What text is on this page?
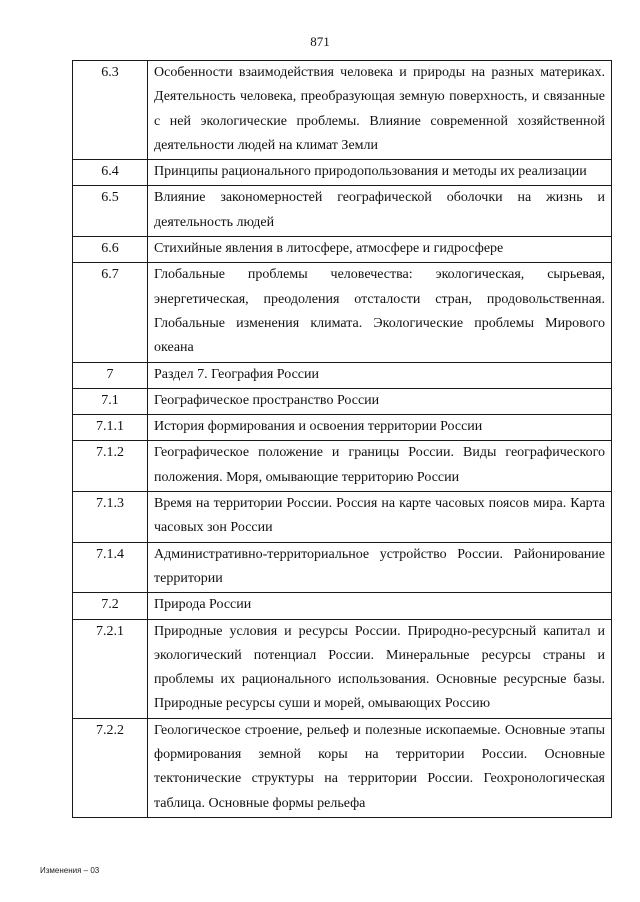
871
6.3	Особенности взаимодействия человека и природы на разных материках. Деятельность человека, преобразующая земную поверхность, и связанные с ней экологические проблемы. Влияние современной хозяйственной деятельности людей на климат Земли
6.4	Принципы рационального природопользования и методы их реализации
6.5	Влияние закономерностей географической оболочки на жизнь и деятельность людей
6.6	Стихийные явления в литосфере, атмосфере и гидросфере
6.7	Глобальные проблемы человечества: экологическая, сырьевая, энергетическая, преодоления отсталости стран, продовольственная. Глобальные изменения климата. Экологические проблемы Мирового океана
7	Раздел 7. География России
7.1	Географическое пространство России
7.1.1	История формирования и освоения территории России
7.1.2	Географическое положение и границы России. Виды географического положения. Моря, омывающие территорию России
7.1.3	Время на территории России. Россия на карте часовых поясов мира. Карта часовых зон России
7.1.4	Административно-территориальное устройство России. Районирование территории
7.2	Природа России
7.2.1	Природные условия и ресурсы России. Природно-ресурсный капитал и экологический потенциал России. Минеральные ресурсы страны и проблемы их рационального использования. Основные ресурсные базы. Природные ресурсы суши и морей, омывающих Россию
7.2.2	Геологическое строение, рельеф и полезные ископаемые. Основные этапы формирования земной коры на территории России. Основные тектонические структуры на территории России. Геохронологическая таблица. Основные формы рельефа
Изменения – 03
